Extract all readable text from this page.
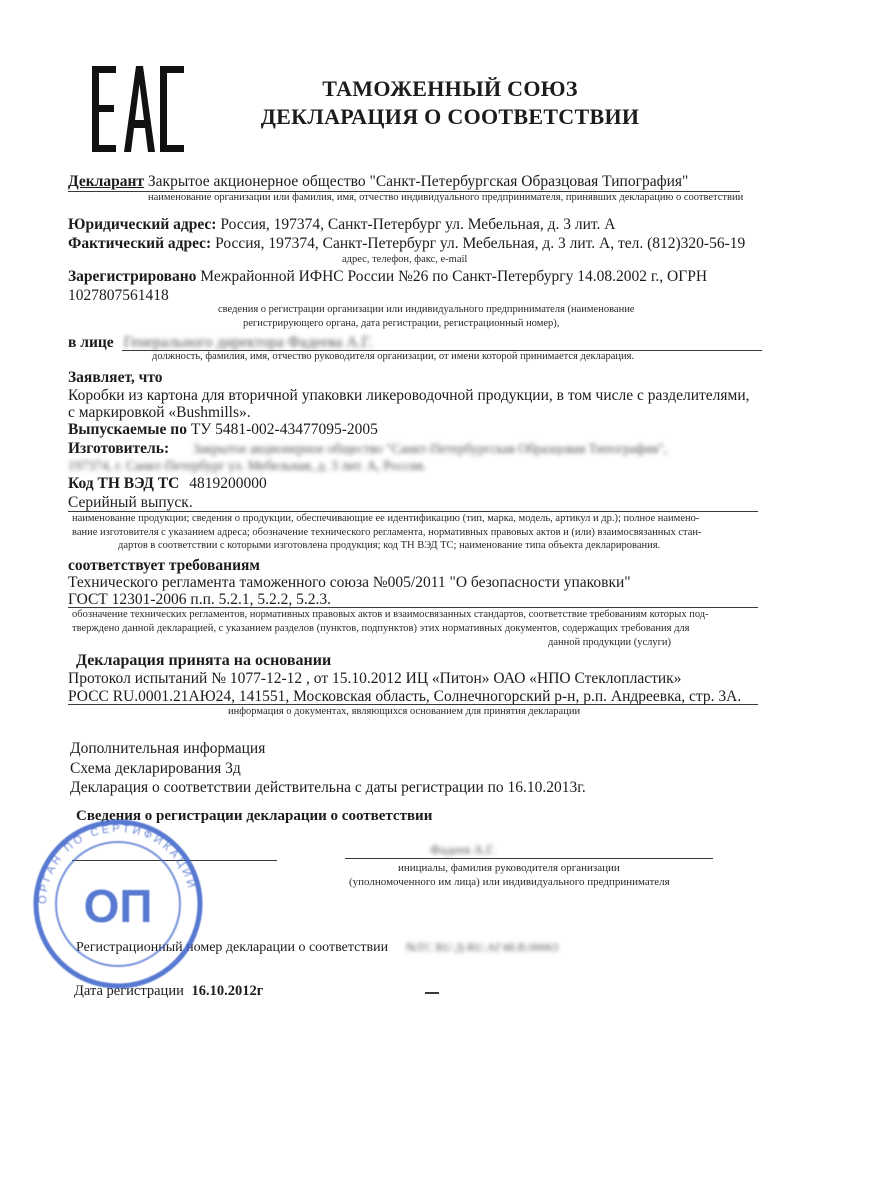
ТАМОЖЕННЫЙ СОЮЗ
ДЕКЛАРАЦИЯ О СООТВЕТСТВИИ
Декларант Закрытое акционерное общество "Санкт-Петербургская Образцовая Типография"
наименование организации или фамилия, имя, отчество индивидуального предпринимателя, принявших декларацию о соответствии
Юридический адрес: Россия, 197374, Санкт-Петербург ул. Мебельная, д. 3 лит. А
Фактический адрес: Россия, 197374, Санкт-Петербург ул. Мебельная, д. 3 лит. А, тел. (812)320-56-19
адрес, телефон, факс, e-mail
Зарегистрировано Межрайонной ИФНС России №26 по Санкт-Петербургу 14.08.2002 г., ОГРН
1027807561418
сведения о регистрации организации или индивидуального предпринимателя (наименование
регистрирующего органа, дата регистрации, регистрационный номер),
в лице Генерального директора Фадеева А.Г.
должность, фамилия, имя, отчество руководителя организации, от имени которой принимается декларация.
Заявляет, что
Коробки из картона для вторичной упаковки ликероводочной продукции, в том числе с разделителями,
с маркировкой «Bushmills».
Выпускаемые по ТУ 5481-002-43477095-2005
Изготовитель: Закрытое акционерное общество "Санкт-Петербургская Образцовая Типография",
197374, г. Санкт-Петербург ул. Мебельная, д. 3 лит. А, Россия.
Код ТН ВЭД ТС 4819200000
Серийный выпуск.
наименование продукции; сведения о продукции, обеспечивающие ее идентификацию (тип, марка, модель, артикул и др.); полное наимено-
вание изготовителя с указанием адреса; обозначение технического регламента, нормативных правовых актов и (или) взаимосвязанных стан-
дартов в соответствии с которыми изготовлена продукция; код ТН ВЭД ТС; наименование типа объекта декларирования.
соответствует требованиям
Технического регламента таможенного союза №005/2011 "О безопасности упаковки"
ГОСТ 12301-2006 п.п. 5.2.1, 5.2.2, 5.2.3.
обозначение технических регламентов, нормативных правовых актов и взаимосвязанных стандартов, соответствие требованиям которых под-
тверждено данной декларацией, с указанием разделов (пунктов, подпунктов) этих нормативных документов, содержащих требования для
данной продукции (услуги)
Декларация принята на основании
Протокол испытаний № 1077-12-12 , от 15.10.2012 ИЦ «Питон» ОАО «НПО Стеклопластик»
РОСС RU.0001.21АЮ24, 141551, Московская область, Солнечногорский р-н, р.п. Андреевка, стр. 3А.
информация о документах, являющихся основанием для принятия декларации
Дополнительная информация
Схема декларирования 3д
Декларация о соответствии действительна с даты регистрации по 16.10.2013г.
Сведения о регистрации декларации о соответствии
Фадеев А.Г.
инициалы, фамилия руководителя организации
(уполномоченного им лица) или индивидуального предпринимателя
Регистрационный номер декларации о соответствии №ТС RU Д-RU.АГ48.В.00063
Дата регистрации 16.10.2012г
ОРГАН ПО СЕРТИФИКАЦИИ
ОП
